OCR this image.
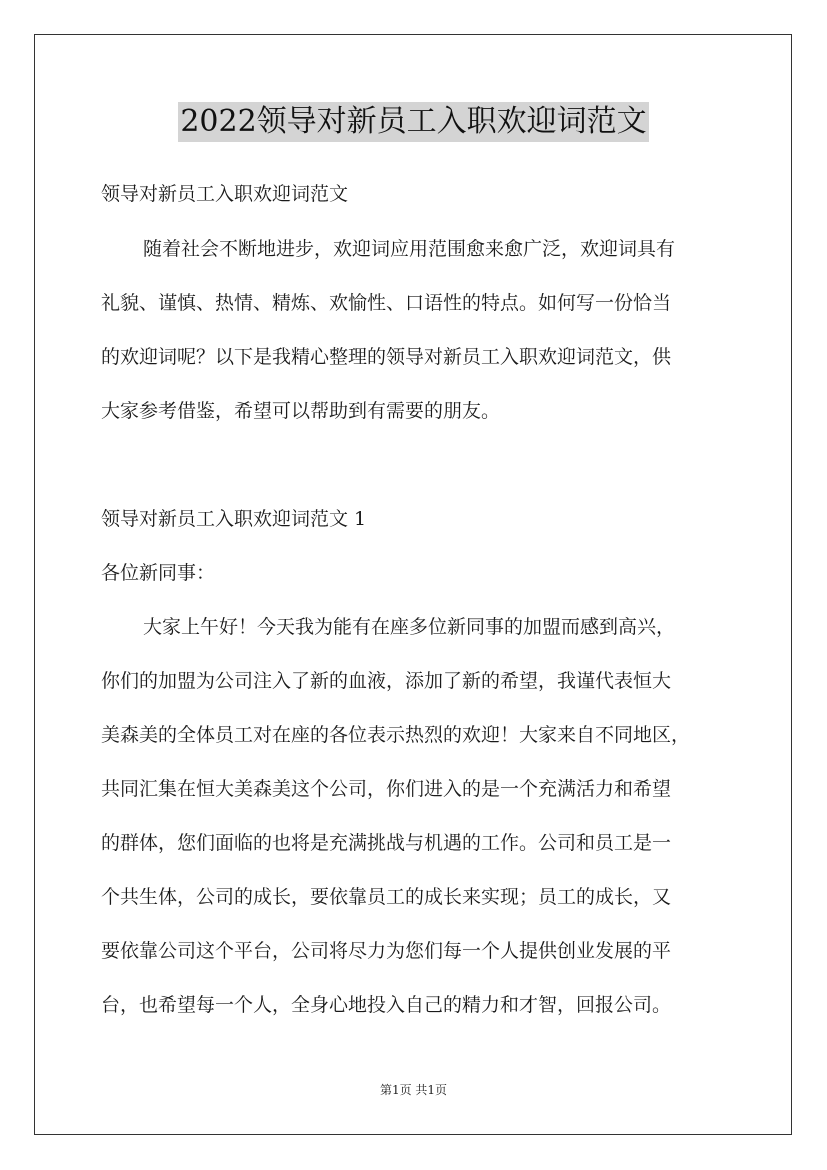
2022领导对新员工入职欢迎词范文
领导对新员工入职欢迎词范文
随着社会不断地进步，欢迎词应用范围愈来愈广泛，欢迎词具有
礼貌、谨慎、热情、精炼、欢愉性、口语性的特点。如何写一份恰当
的欢迎词呢？以下是我精心整理的领导对新员工入职欢迎词范文，供
大家参考借鉴，希望可以帮助到有需要的朋友。
领导对新员工入职欢迎词范文 1
各位新同事：
大家上午好！今天我为能有在座多位新同事的加盟而感到高兴，
你们的加盟为公司注入了新的血液，添加了新的希望，我谨代表恒大
美森美的全体员工对在座的各位表示热烈的欢迎！大家来自不同地区，
共同汇集在恒大美森美这个公司，你们进入的是一个充满活力和希望
的群体，您们面临的也将是充满挑战与机遇的工作。公司和员工是一
个共生体，公司的成长，要依靠员工的成长来实现；员工的成长，又
要依靠公司这个平台，公司将尽力为您们每一个人提供创业发展的平
台，也希望每一个人，全身心地投入自己的精力和才智，回报公司。
第1页 共1页
